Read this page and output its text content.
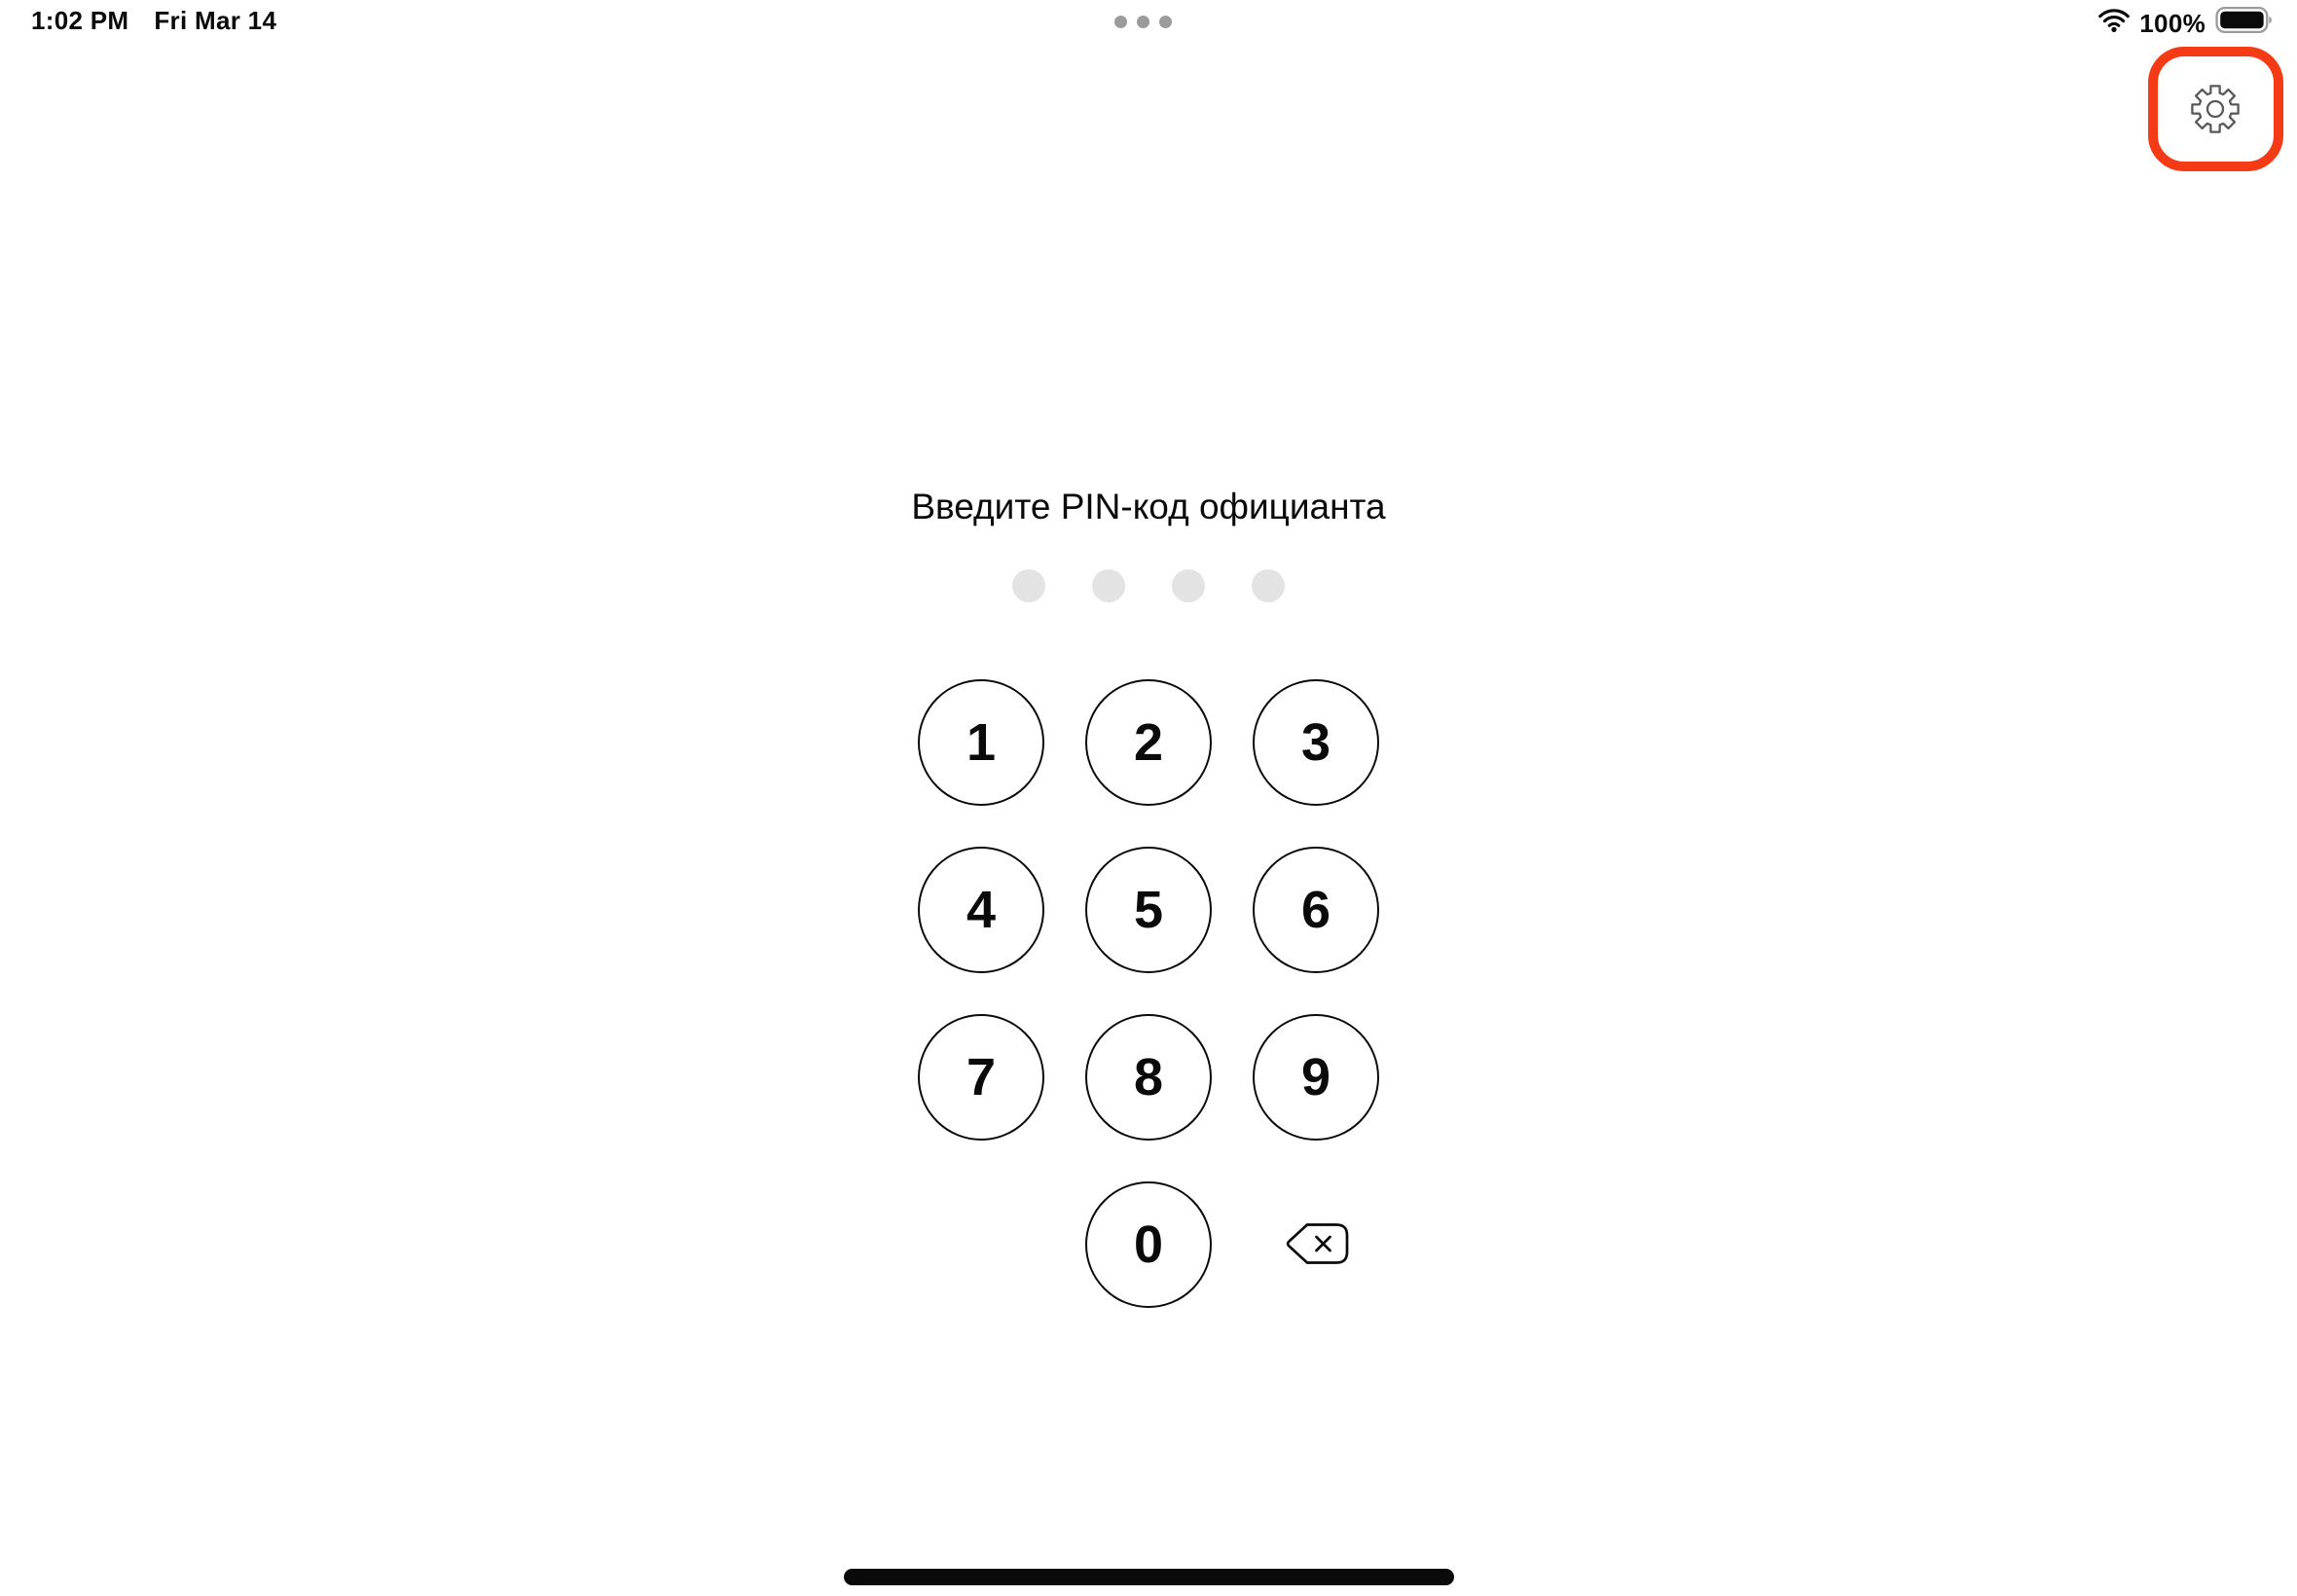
1:02 PM Fri Mar 14	100%
Введите PIN-код официанта
1	2	3
4	5	6
7	8	9
0
